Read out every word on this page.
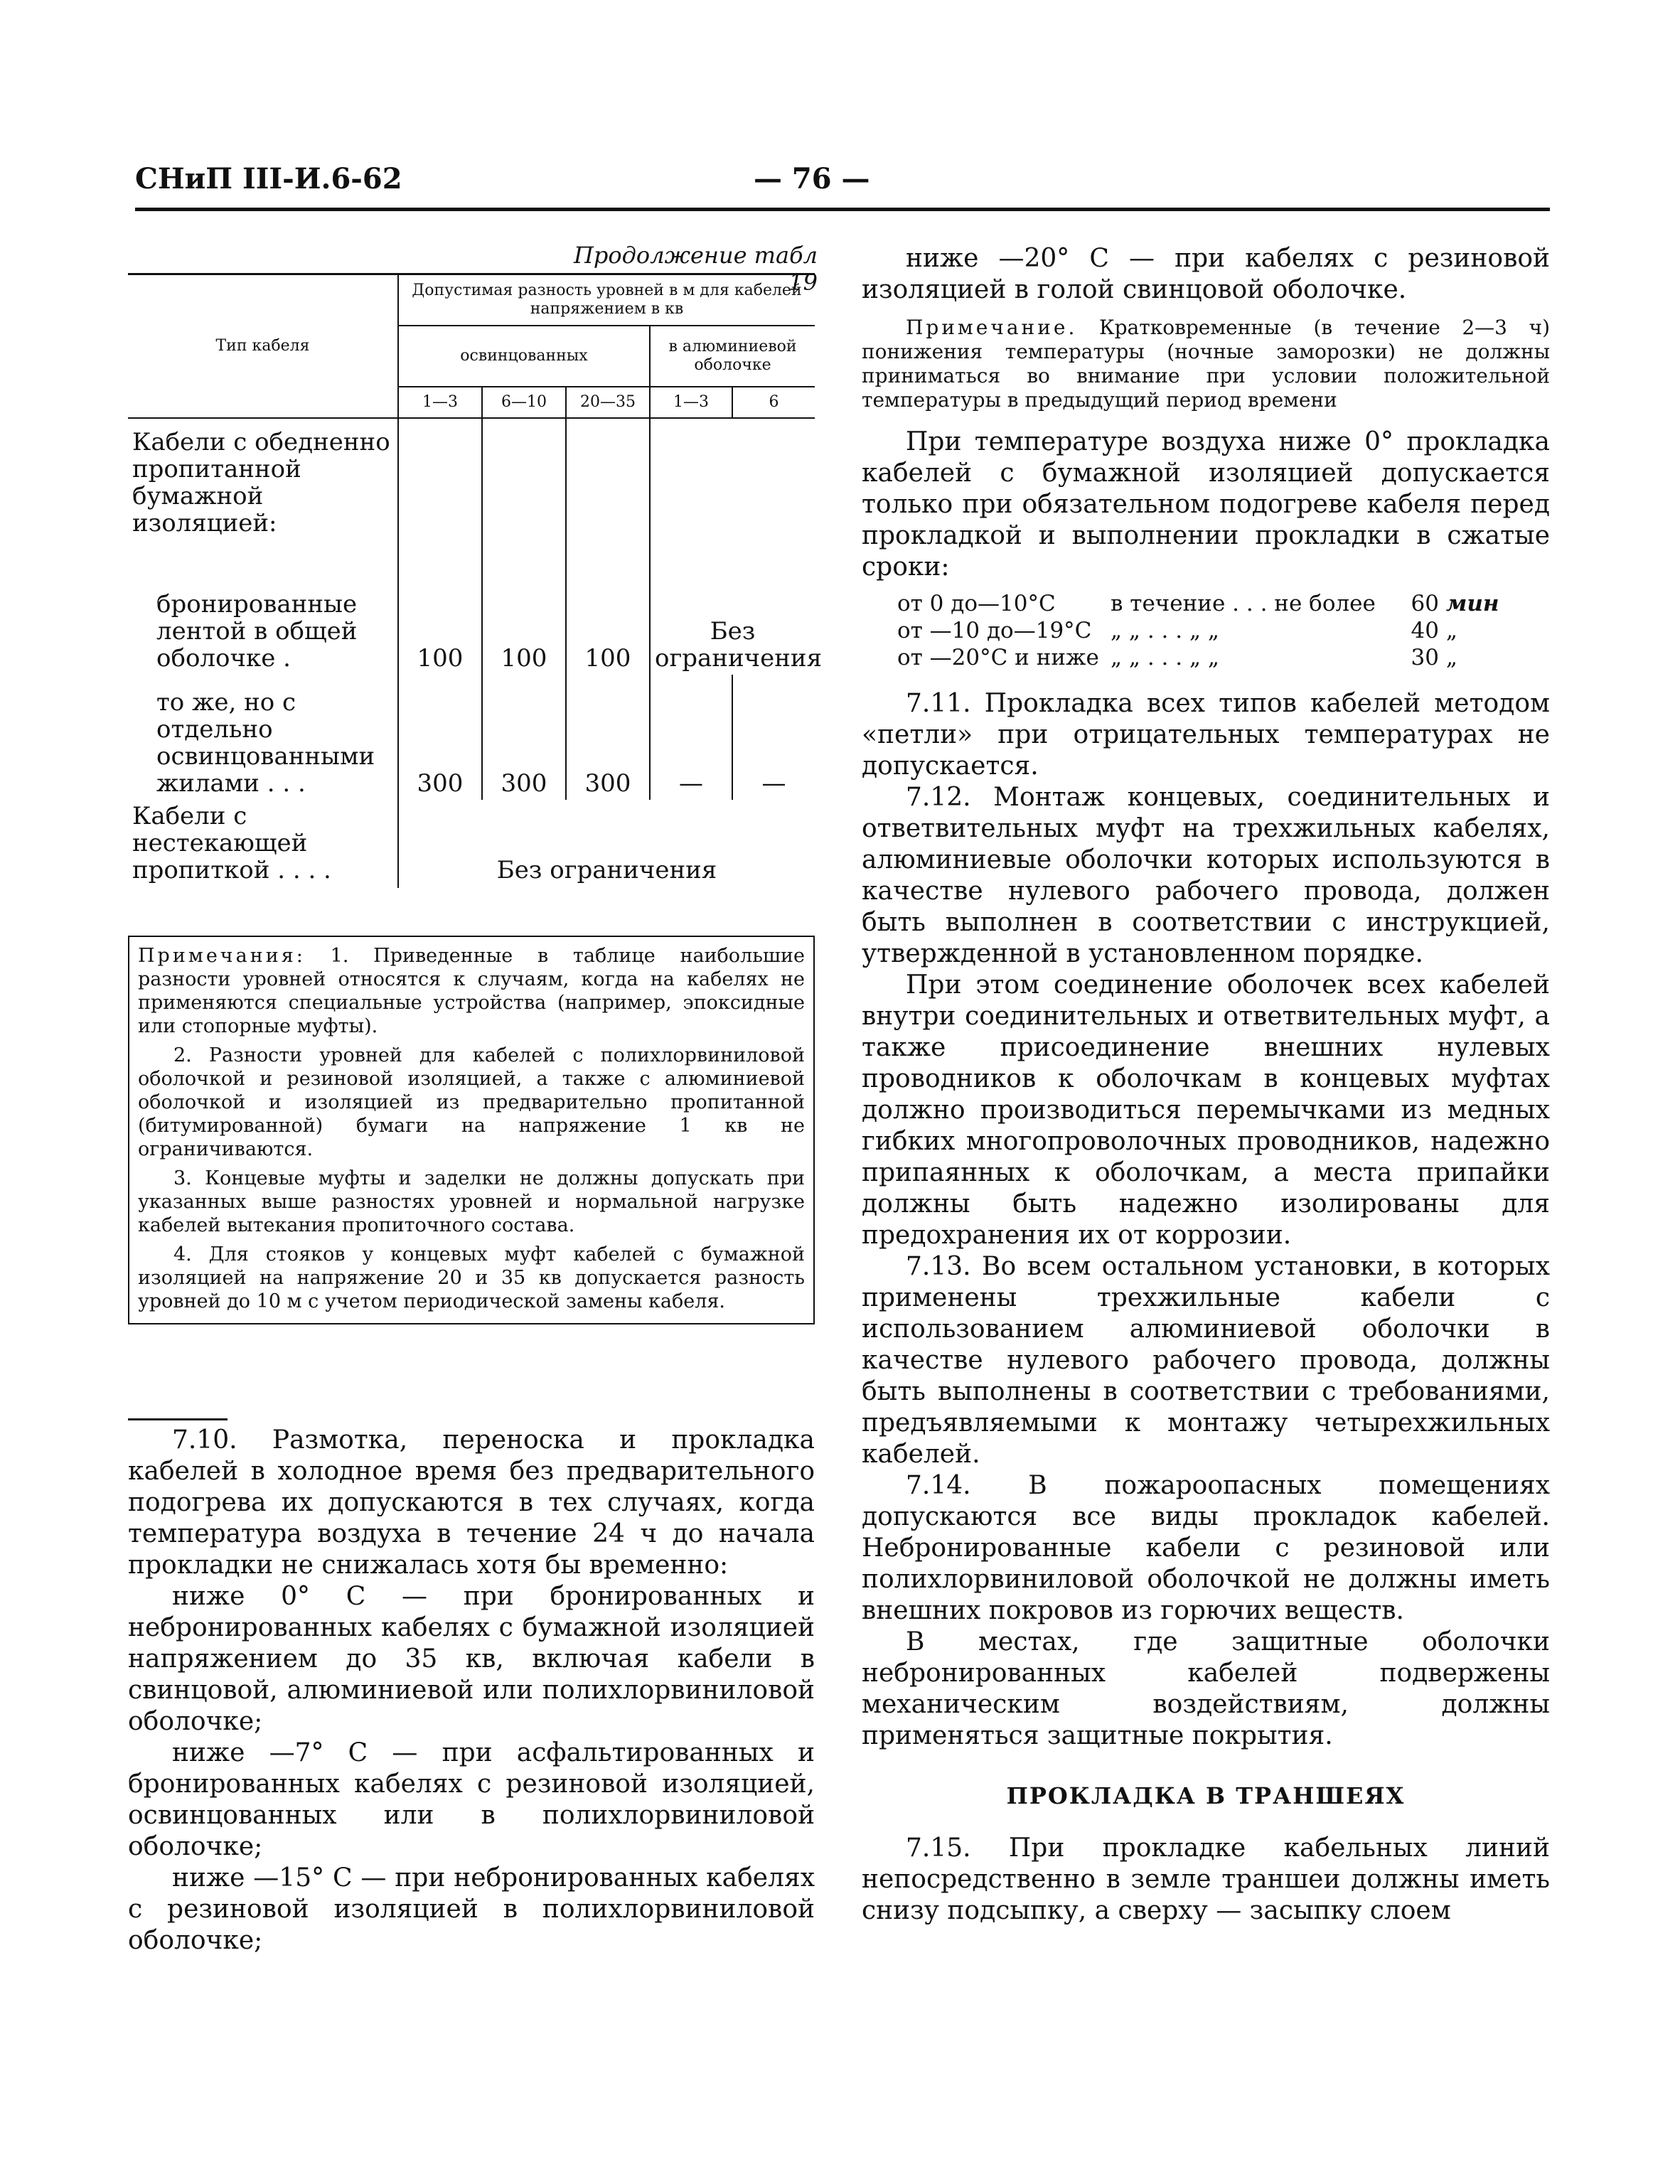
СНиП III-И.6-62	— 76 —
Продолжение табл 19
Тип кабеля	Допустимая разность уровней в м для кабелей напряжением в кв				
	освинцованных			в алюминиевой оболочке	
	1—3	6—10	20—35	1—3	6
Кабели с обедненно пропитанной бумажной изоляцией:					
бронированные лентой в общей оболочке .	100	100	100	Без ограничения	
то же, но с отдельно освинцованными жилами . . .	300	300	300	—	—
Кабели с нестекающей пропиткой . . . .	Без ограничения				

Примечания: 1. Приведенные в таблице наибольшие разности уровней относятся к случаям, когда на кабелях не применяются специальные устройства (например, эпоксидные или стопорные муфты).

2. Разности уровней для кабелей с полихлорвиниловой оболочкой и резиновой изоляцией, а также с алюминиевой оболочкой и изоляцией из предварительно пропитанной (битумированной) бумаги на напряжение 1 кв не ограничиваются.

3. Концевые муфты и заделки не должны допускать при указанных выше разностях уровней и нормальной нагрузке кабелей вытекания пропиточного состава.

4. Для стояков у концевых муфт кабелей с бумажной изоляцией на напряжение 20 и 35 кв допускается разность уровней до 10 м с учетом периодической замены кабеля.

7.10. Размотка, переноска и прокладка кабелей в холодное время без предварительного подогрева их допускаются в тех случаях, когда температура воздуха в течение 24 ч до начала прокладки не снижалась хотя бы временно:

ниже 0° С — при бронированных и небронированных кабелях с бумажной изоляцией напряжением до 35 кв, включая кабели в свинцовой, алюминиевой или полихлорвиниловой оболочке;

ниже —7° С — при асфальтированных и бронированных кабелях с резиновой изоляцией, освинцованных или в полихлорвиниловой оболочке;

ниже —15° С — при небронированных кабелях с резиновой изоляцией в полихлорвиниловой оболочке;

ниже —20° С — при кабелях с резиновой изоляцией в голой свинцовой оболочке.

Примечание. Кратковременные (в течение 2—3 ч) понижения температуры (ночные заморозки) не должны приниматься во внимание при условии положительной температуры в предыдущий период времени

При температуре воздуха ниже 0° прокладка кабелей с бумажной изоляцией допускается только при обязательном подогреве кабеля перед прокладкой и выполнении прокладки в сжатые сроки:

от 0 до—10°С в течение . . . не более 60 мин
от —10 до—19°С „ „ . . . „ „	40 „
от —20°С и ниже „ „ . . . „ „	30 „

7.11. Прокладка всех типов кабелей методом «петли» при отрицательных температурах не допускается.

7.12. Монтаж концевых, соединительных и ответвительных муфт на трехжильных кабелях, алюминиевые оболочки которых используются в качестве нулевого рабочего провода, должен быть выполнен в соответствии с инструкцией, утвержденной в установленном порядке.

При этом соединение оболочек всех кабелей внутри соединительных и ответвительных муфт, а также присоединение внешних нулевых проводников к оболочкам в концевых муфтах должно производиться перемычками из медных гибких многопроволочных проводников, надежно припаянных к оболочкам, а места припайки должны быть надежно изолированы для предохранения их от коррозии.

7.13. Во всем остальном установки, в которых применены трехжильные кабели с использованием алюминиевой оболочки в качестве нулевого рабочего провода, должны быть выполнены в соответствии с требованиями, предъявляемыми к монтажу четырехжильных кабелей.

7.14. В пожароопасных помещениях допускаются все виды прокладок кабелей. Небронированные кабели с резиновой или полихлорвиниловой оболочкой не должны иметь внешних покровов из горючих веществ.

В местах, где защитные оболочки небронированных кабелей подвержены механическим воздействиям, должны применяться защитные покрытия.

ПРОКЛАДКА В ТРАНШЕЯХ

7.15. При прокладке кабельных линий непосредственно в земле траншеи должны иметь снизу подсыпку, а сверху — засыпку слоем
